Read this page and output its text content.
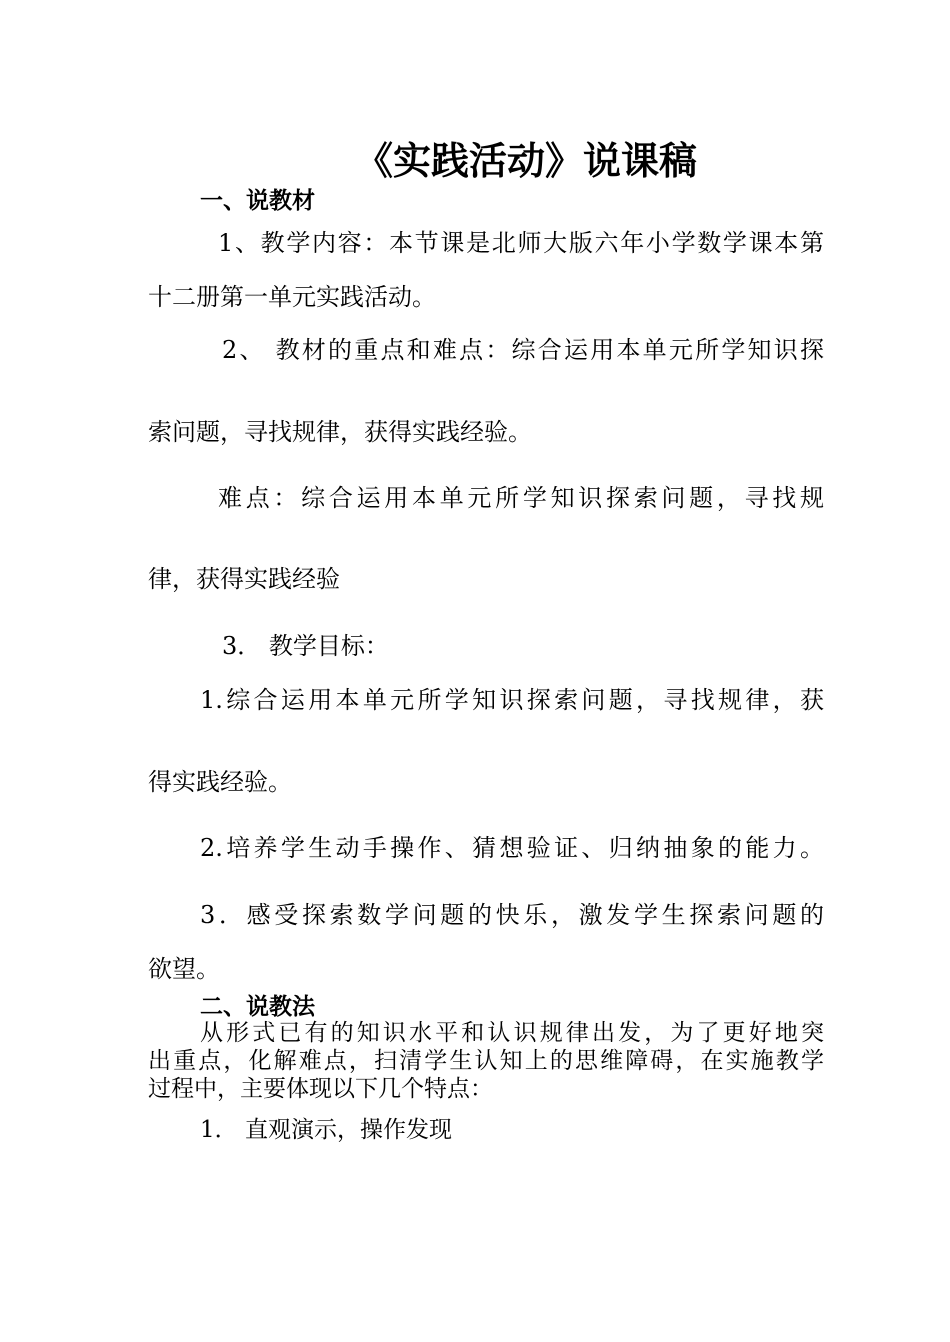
《实践活动》说课稿
一、说教材
1、教学内容：本节课是北师大版六年小学数学课本第
十二册第一单元实践活动。
2、 教材的重点和难点：综合运用本单元所学知识探
索问题，寻找规律，获得实践经验。
难点：综合运用本单元所学知识探索问题，寻找规
律，获得实践经验
3． 教学目标：
1.综合运用本单元所学知识探索问题，寻找规律，获
得实践经验。
2.培养学生动手操作、猜想验证、归纳抽象的能力。
3．感受探索数学问题的快乐，激发学生探索问题的
欲望。
二、说教法
从形式已有的知识水平和认识规律出发，为了更好地突
出重点，化解难点，扫清学生认知上的思维障碍，在实施教学
过程中，主要体现以下几个特点：
1． 直观演示，操作发现
